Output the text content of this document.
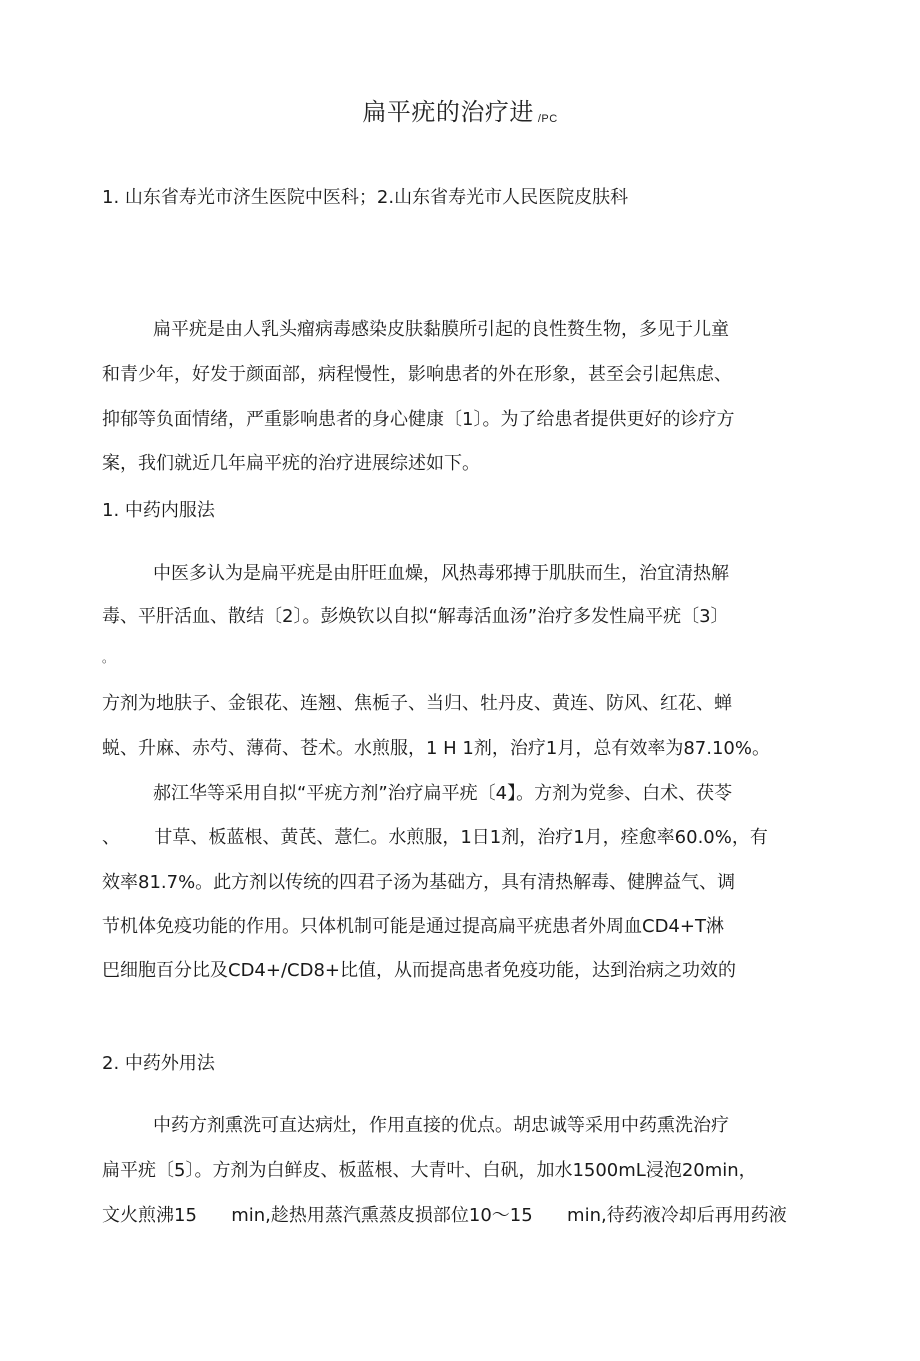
扁平疣的治疗进 /PC
1. 山东省寿光市济生医院中医科；2.山东省寿光市人民医院皮肤科
扁平疣是由人乳头瘤病毒感染皮肤黏膜所引起的良性赘生物，多见于儿童
和青少年，好发于颜面部，病程慢性，影响患者的外在形象，甚至会引起焦虑、
抑郁等负面情绪，严重影响患者的身心健康〔1〕。为了给患者提供更好的诊疗方
案，我们就近几年扁平疣的治疗进展综述如下。
1. 中药内服法
中医多认为是扁平疣是由肝旺血燥，风热毒邪搏于肌肤而生，治宜清热解
毒、平肝活血、散结〔2〕。彭焕钦以自拟“解毒活血汤”治疗多发性扁平疣〔3〕
。
方剂为地肤子、金银花、连翘、焦栀子、当归、牡丹皮、黄连、防风、红花、蝉
蜕、升麻、赤芍、薄荷、苍术。水煎服，1 H 1剂，治疗1月，总有效率为87.10%。
郝江华等采用自拟“平疣方剂”治疗扁平疣〔4】。方剂为党参、白术、茯苓
、      甘草、板蓝根、黄芪、薏仁。水煎服，1日1剂，治疗1月，痊愈率60.0%，有
效率81.7%。此方剂以传统的四君子汤为基础方，具有清热解毒、健脾益气、调
节机体免疫功能的作用。只体机制可能是通过提高扁平疣患者外周血CD4+T淋
巴细胞百分比及CD4+/CD8+比值，从而提高患者免疫功能，达到治病之功效的
2. 中药外用法
中药方剂熏洗可直达病灶，作用直接的优点。胡忠诚等采用中药熏洗治疗
扁平疣〔5〕。方剂为白鲜皮、板蓝根、大青叶、白矾，加水1500mL浸泡20min，
文火煎沸15      min,趁热用蒸汽熏蒸皮损部位10～15      min,待药液冷却后再用药液
